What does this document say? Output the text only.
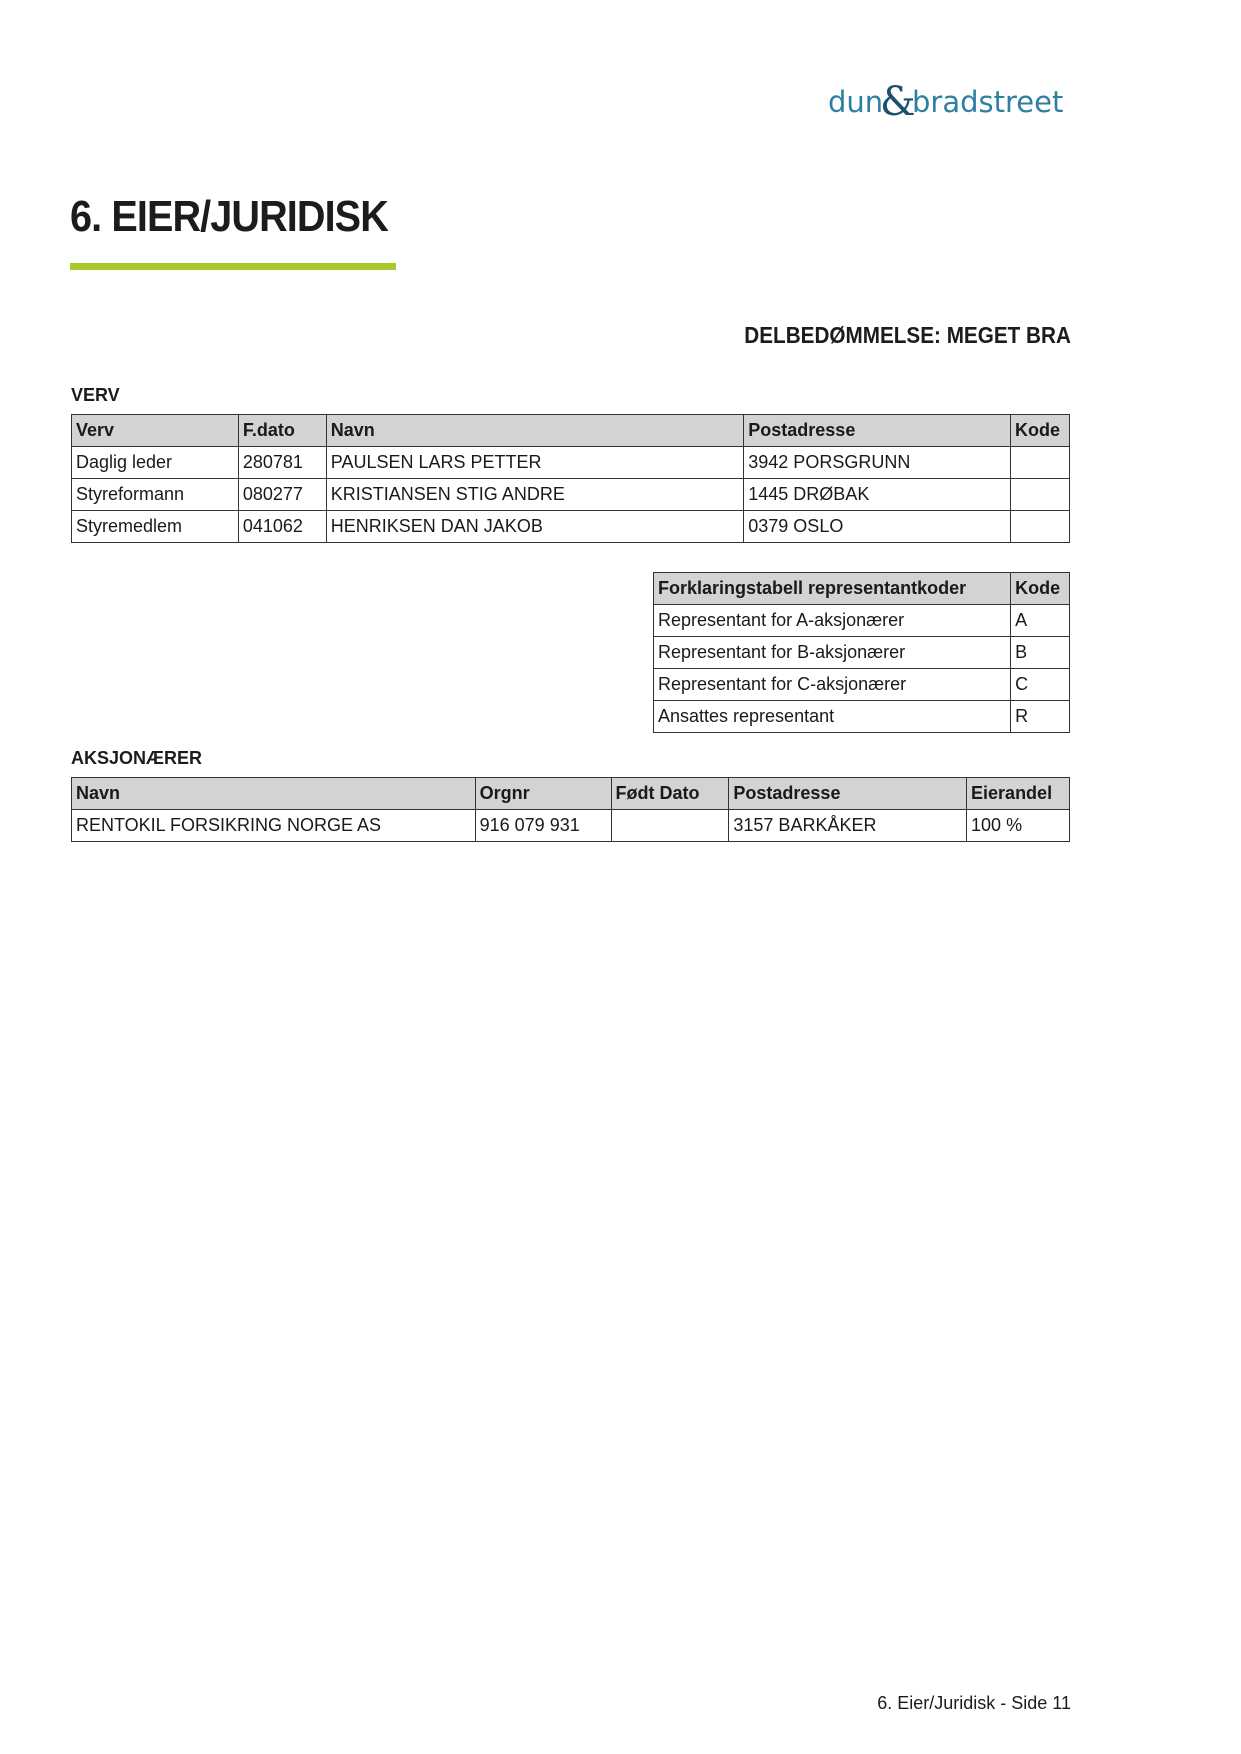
dun
&
bradstreet
6. EIER/JURIDISK
DELBEDØMMELSE: MEGET BRA
VERV
Verv	F.dato	Navn	Postadresse	Kode
Daglig leder	280781	PAULSEN LARS PETTER	3942 PORSGRUNN	
Styreformann	080277	KRISTIANSEN STIG ANDRE	1445 DRØBAK	
Styremedlem	041062	HENRIKSEN DAN JAKOB	0379 OSLO	
Forklaringstabell representantkoder	Kode
Representant for A-aksjonærer	A
Representant for B-aksjonærer	B
Representant for C-aksjonærer	C
Ansattes representant	R
AKSJONÆRER
Navn	Orgnr	Født Dato	Postadresse	Eierandel
RENTOKIL FORSIKRING NORGE AS	916 079 931		3157 BARKÅKER	100 %
6. Eier/Juridisk - Side 11
